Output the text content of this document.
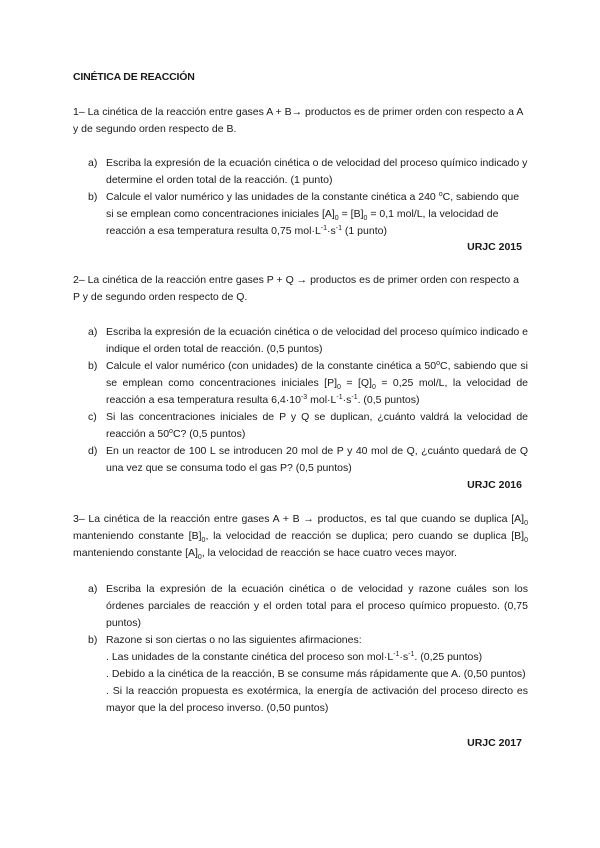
CINÉTICA DE REACCIÓN
1– La cinética de la reacción entre gases A + B→ productos es de primer orden con respecto a A y de segundo orden respecto de B.
a) Escriba la expresión de la ecuación cinética o de velocidad del proceso químico indicado y determine el orden total de la reacción. (1 punto)
b) Calcule el valor numérico y las unidades de la constante cinética a 240 $^o$C, sabiendo que si se emplean como concentraciones iniciales $[A]_0 = [B]_0 = 0,1$ mol/L, la velocidad de reacción a esa temperatura resulta 0,75 $mol\cdot L^{-1}\cdot s^{-1}$ (1 punto)
URJC 2015
2– La cinética de la reacción entre gases P + Q → productos es de primer orden con respecto a P y de segundo orden respecto de Q.
a) Escriba la expresión de la ecuación cinética o de velocidad del proceso químico indicado e indique el orden total de reacción. (0,5 puntos)
b) Calcule el valor numérico (con unidades) de la constante cinética a 50$^o$C, sabiendo que si se emplean como concentraciones iniciales $[P]_0 = [Q]_0 = 0,25$ mol/L, la velocidad de reacción a esa temperatura resulta $6,4\cdot 10^{-3}$ $mol\cdot L^{-1}\cdot s^{-1}$. (0,5 puntos)
c) Si las concentraciones iniciales de P y Q se duplican, ¿cuánto valdrá la velocidad de reacción a 50$^o$C? (0,5 puntos)
d) En un reactor de 100 L se introducen 20 mol de P y 40 mol de Q, ¿cuánto quedará de Q una vez que se consuma todo el gas P? (0,5 puntos)
URJC 2016
3– La cinética de la reacción entre gases A + B → productos, es tal que cuando se duplica $[A]_0$ manteniendo constante $[B]_0$, la velocidad de reacción se duplica; pero cuando se duplica $[B]_0$ manteniendo constante $[A]_0$, la velocidad de reacción se hace cuatro veces mayor.
a) Escriba la expresión de la ecuación cinética o de velocidad y razone cuáles son los órdenes parciales de reacción y el orden total para el proceso químico propuesto. (0,75 puntos)
b) Razone si son ciertas o no las siguientes afirmaciones:
. Las unidades de la constante cinética del proceso son $mol\cdot L^{-1}\cdot s^{-1}$. (0,25 puntos)
. Debido a la cinética de la reacción, B se consume más rápidamente que A. (0,50 puntos)
. Si la reacción propuesta es exotérmica, la energía de activación del proceso directo es mayor que la del proceso inverso. (0,50 puntos)
URJC 2017
